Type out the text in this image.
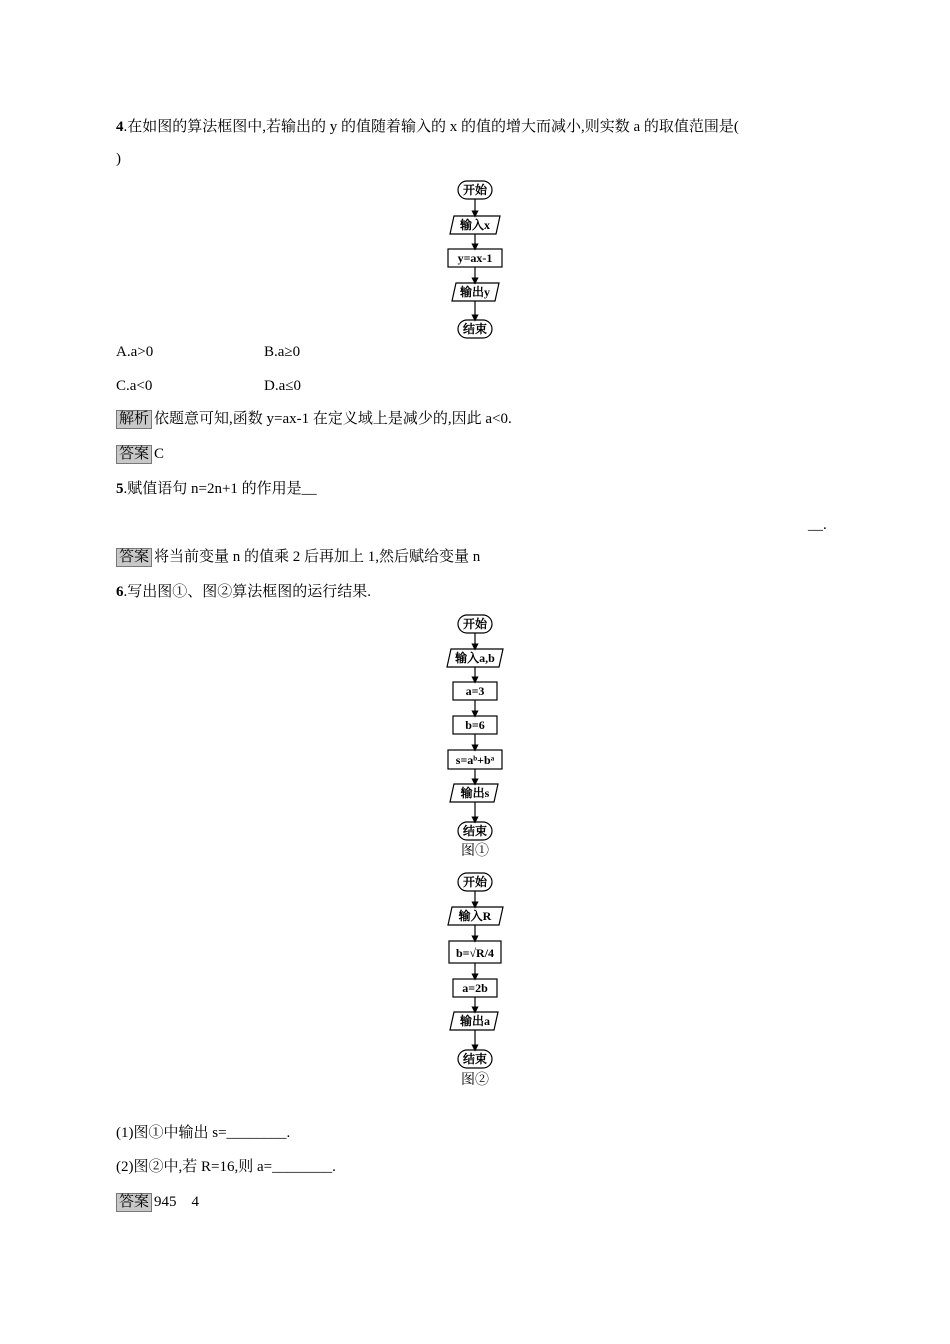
4.在如图的算法框图中,若输出的 y 的值随着输入的 x 的值的增大而减小,则实数 a 的取值范围是(
)
开始
输入x
y=ax-1
输出y
结束
A.a>0	B.a≥0
C.a<0	D.a≤0
解析 依题意可知,函数 y=ax-1 在定义域上是减少的,因此 a<0.
答案 C
5.赋值语句 n=2n+1 的作用是__
__.
答案 将当前变量 n 的值乘 2 后再加上 1,然后赋给变量 n
6.写出图①、图②算法框图的运行结果.
开始
输入a,b
a=3
b=6
s=aᵇ+bᵃ
输出s
结束
图①
开始
输入R
b=√R/4
a=2b
输出a
结束
图②
(1)图①中输出 s=________.
(2)图②中,若 R=16,则 a=________.
答案 945    4
